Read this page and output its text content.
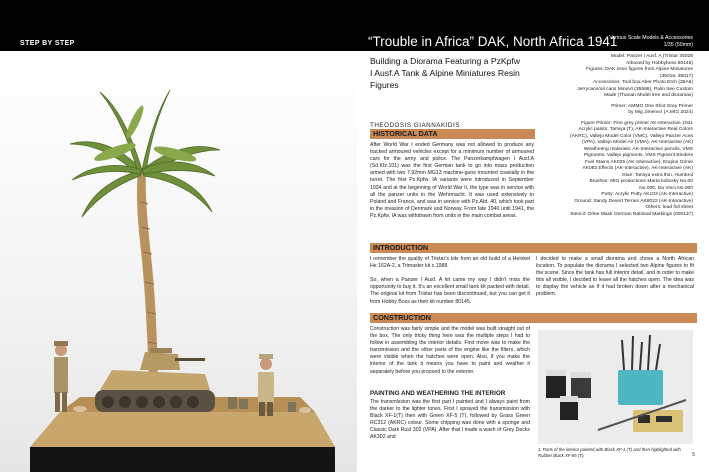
STEP BY STEP	“Trouble in Africa” DAK, North Africa 1941
Various Scale Models & Accessories
1/35 (50mm)
Building a Diorama Featuring a PzKpfw I Ausf.A Tank & Alpine Miniatures Resin Figures
THEODOSIS GIANNAKIDIS
Model: Panzer I Ausf. A (Tristar 35028
reboxed by Hobbyboss 80145)
Figures: DAK resin figures from Alpine Miniatures
(35016, 35017)
Accessories: Tool box Aber Photo Etch (35A6)
Jerrycans/oil cans MiniArt (35588), Palm tree Custom
Made (Thanan Model tree and dioramas)
Primer: AMMO One Shot Grey Primer
by Mig Jimenez (A.MIG 2024)
Figure Primer: Fine grey primer AK-Interactive 1041
Acrylic paints: Tamiya (T), AK-Interactive Real Colors
(AKRC), Vallejo Model Color (VMC), Vallejo Panzer Aces
(VPA), Vallejo Model Air (VMA), AK-Interactive (AK)
Weathering materials: AK-Interactive pencils, VMS
Pigments, Vallejo pigments, VMS Pigment Binders
Fuel Stains AK025 (AK-Interactive), Engine Grime
AK083 Effects (AK-Interactive), AK-Interactive (AK)
Glue: Tamiya extra thin, Humbrol
Brushes: MIG productions Marta kolinsky No.00
No.000, Da Vinci No.000
Putty: Acrylic Putty AK103 (AK-Interactive)
Ground: Sandy Desert Terrain AK8022 (AK-Interactive)
Others: lead foil sheet
Stencil: Orlee Mask German National Markings (000137)
HISTORICAL DATA
After World War I ended Germany was not allowed to produce any tracked armoured vehicles except for a minimum number of armoured cars for the army and police. The Panzerkampfwagen I Ausf.A (Sd.Kfz.101) was the first German tank to go into mass production armed with two 7.92mm MG13 machine-guns mounted coaxially in the turret. The first Pz.Kpfw. IA variants were introduced in September 1934 and at the beginning of World War II, the type was in service with all the panzer units in the Wehrmacht. It was used extensively in Poland and France, and was in service with Pz.Abt. 40, which took part in the invasion of Denmark and Norway. From late 1940 until 1941, the Pz.Kpfw. IA was withdrawn from units in the main combat areas.
INTRODUCTION
I remember the quality of Tristar’s kits from an old build of a Heinkel He 162A-2, a Trimaster kit c.1988.

So, when a Panzer I Ausf. A kit came my way I didn’t miss the opportunity to buy it. It’s an excellent small tank kit packed with detail. The original kit from Tristar has been discontinued, but you can get it from Hobby Boss as their kit number 80145.
I decided to make a small diorama and chose a North African location. To populate the diorama I selected two Alpine figures to fit the scene. Since the tank has full interior detail, and in order to make this all visible, I decided to leave all the hatches open. The idea was to display the vehicle as if it had broken down after a mechanical problem.
CONSTRUCTION
Construction was fairly simple and the model was built straight out of the box. The only tricky thing here was the multiple steps I had to follow in assembling the interior details. First move was to make the transmission and the other parts of the engine like the filters, which were visible when the hatches were open. Also, if you make the interior of the tank it means you have to paint and weather it separately before you proceed to the exterior.
PAINTING AND WEATHERING THE INTERIOR
The transmission was the first part I painted and I always paint from the darker to the lighter tones. First I sprayed the transmission with Black XF-1(T) then with Green XF-5 (T), followed by Grass Green RC312 (AKRC) colour. Some chipping was done with a sponge and Classic Dark Rust 302 (VPA). After that I made a wash of Grey Decks AK302 and
1. Parts of the interior painted with Black XF-1 (T) and then highlighted with Rubber Black XF-85 (T).	5
